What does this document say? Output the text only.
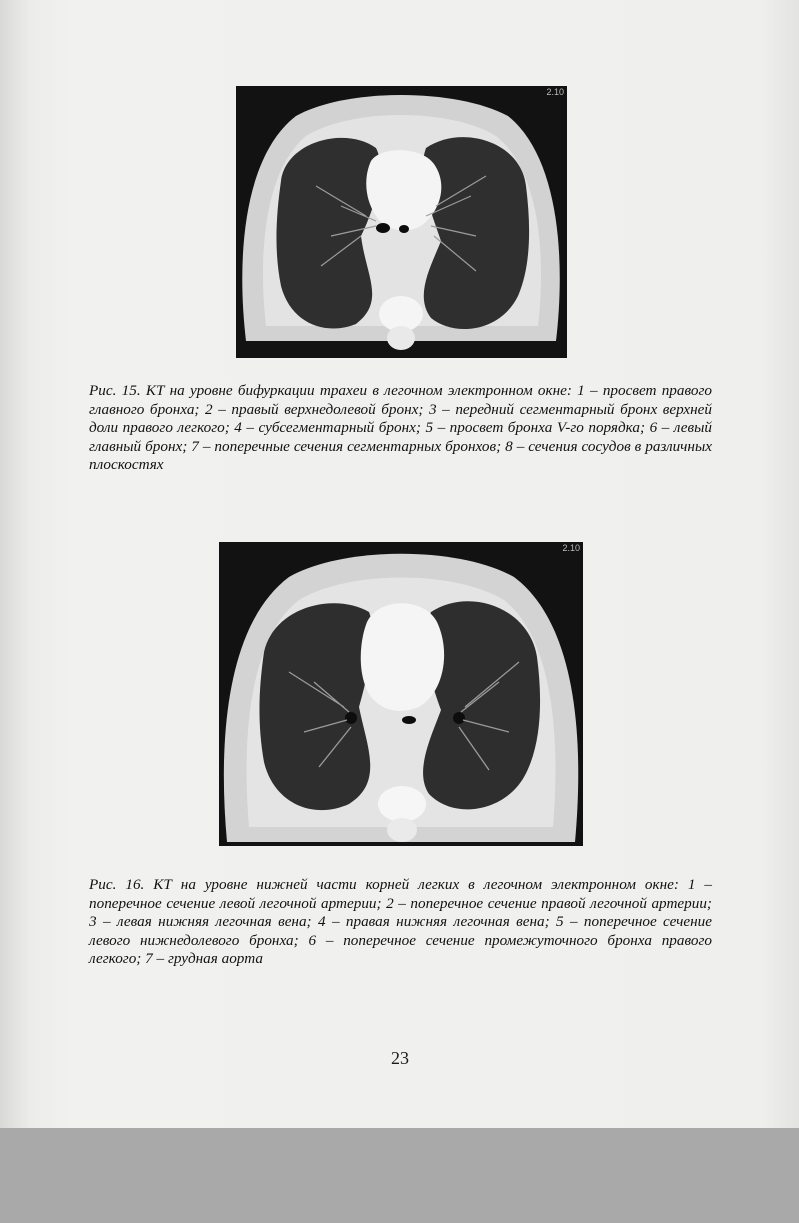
2.10

Рис. 15. КТ на уровне бифуркации трахеи в легочном электронном окне: 1 – просвет правого главного бронха; 2 – правый верхнедолевой бронх; 3 – передний сегментарный бронх верхней доли правого легкого; 4 – субсегментарный бронх; 5 – просвет бронха V-го порядка; 6 – левый главный бронх; 7 – поперечные сечения сегментарных бронхов; 8 – сечения сосудов в различных плоскостях

2.10

Рис. 16. КТ на уровне нижней части корней легких в легочном электронном окне: 1 – поперечное сечение левой легочной артерии; 2 – поперечное сечение правой легочной артерии; 3 – левая нижняя легочная вена; 4 – правая нижняя легочная вена; 5 – поперечное сечение левого нижнедолевого бронха; 6 – поперечное сечение промежуточного бронха правого легкого; 7 – грудная аорта

23
